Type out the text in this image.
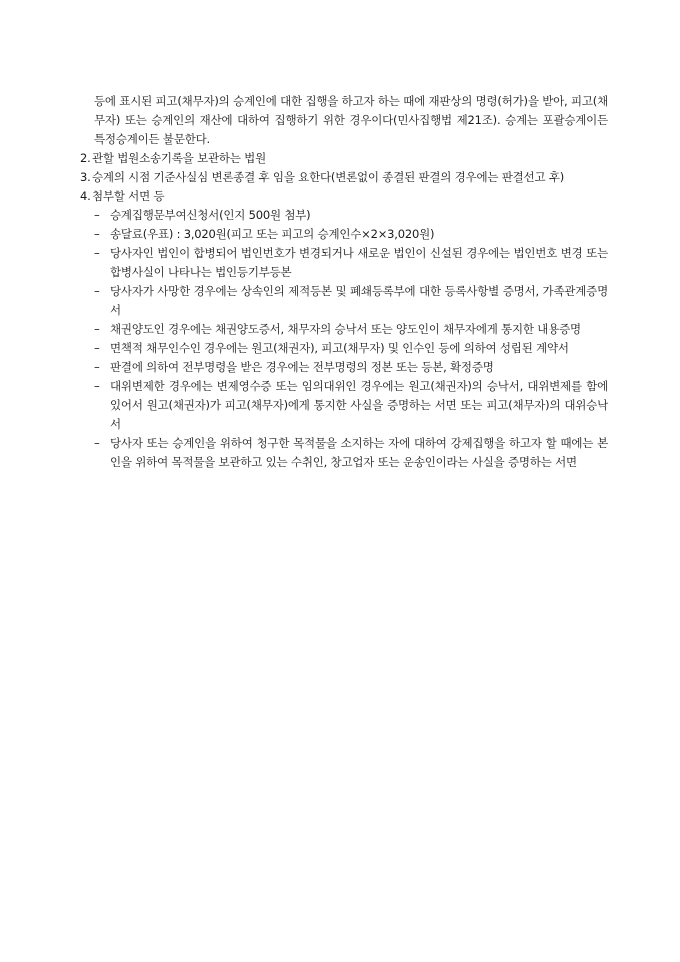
등에 표시된 피고(채무자)의 승계인에 대한 집행을 하고자 하는 때에 재판상의 명령(허가)을 받아, 피고(채무자) 또는 승계인의 재산에 대하여 집행하기 위한 경우이다(민사집행법 제21조). 승계는 포괄승계이든 특정승계이든 불문한다.

2. 관할 법원소송기록을 보관하는 법원
3. 승계의 시점 기준사실심 변론종결 후 임을 요한다(변론없이 종결된 판결의 경우에는 판결선고 후)
4. 첨부할 서면 등
– 승계집행문부여신청서(인지 500원 첨부)
– 송달료(우표) : 3,020원(피고 또는 피고의 승계인수×2×3,020원)
– 당사자인 법인이 합병되어 법인번호가 변경되거나 새로운 법인이 신설된 경우에는 법인번호 변경 또는 합병사실이 나타나는 법인등기부등본
– 당사자가 사망한 경우에는 상속인의 제적등본 및 폐쇄등록부에 대한 등록사항별 증명서, 가족관계증명서
– 채권양도인 경우에는 채권양도증서, 채무자의 승낙서 또는 양도인이 채무자에게 통지한 내용증명
– 면책적 채무인수인 경우에는 원고(채권자), 피고(채무자) 및 인수인 등에 의하여 성립된 계약서
– 판결에 의하여 전부명령을 받은 경우에는 전부명령의 정본 또는 등본, 확정증명
– 대위변제한 경우에는 변제영수증 또는 임의대위인 경우에는 원고(채권자)의 승낙서, 대위변제를 함에 있어서 원고(채권자)가 피고(채무자)에게 통지한 사실을 증명하는 서면 또는 피고(채무자)의 대위승낙서
– 당사자 또는 승계인을 위하여 청구한 목적물을 소지하는 자에 대하여 강제집행을 하고자 할 때에는 본인을 위하여 목적물을 보관하고 있는 수취인, 창고업자 또는 운송인이라는 사실을 증명하는 서면
